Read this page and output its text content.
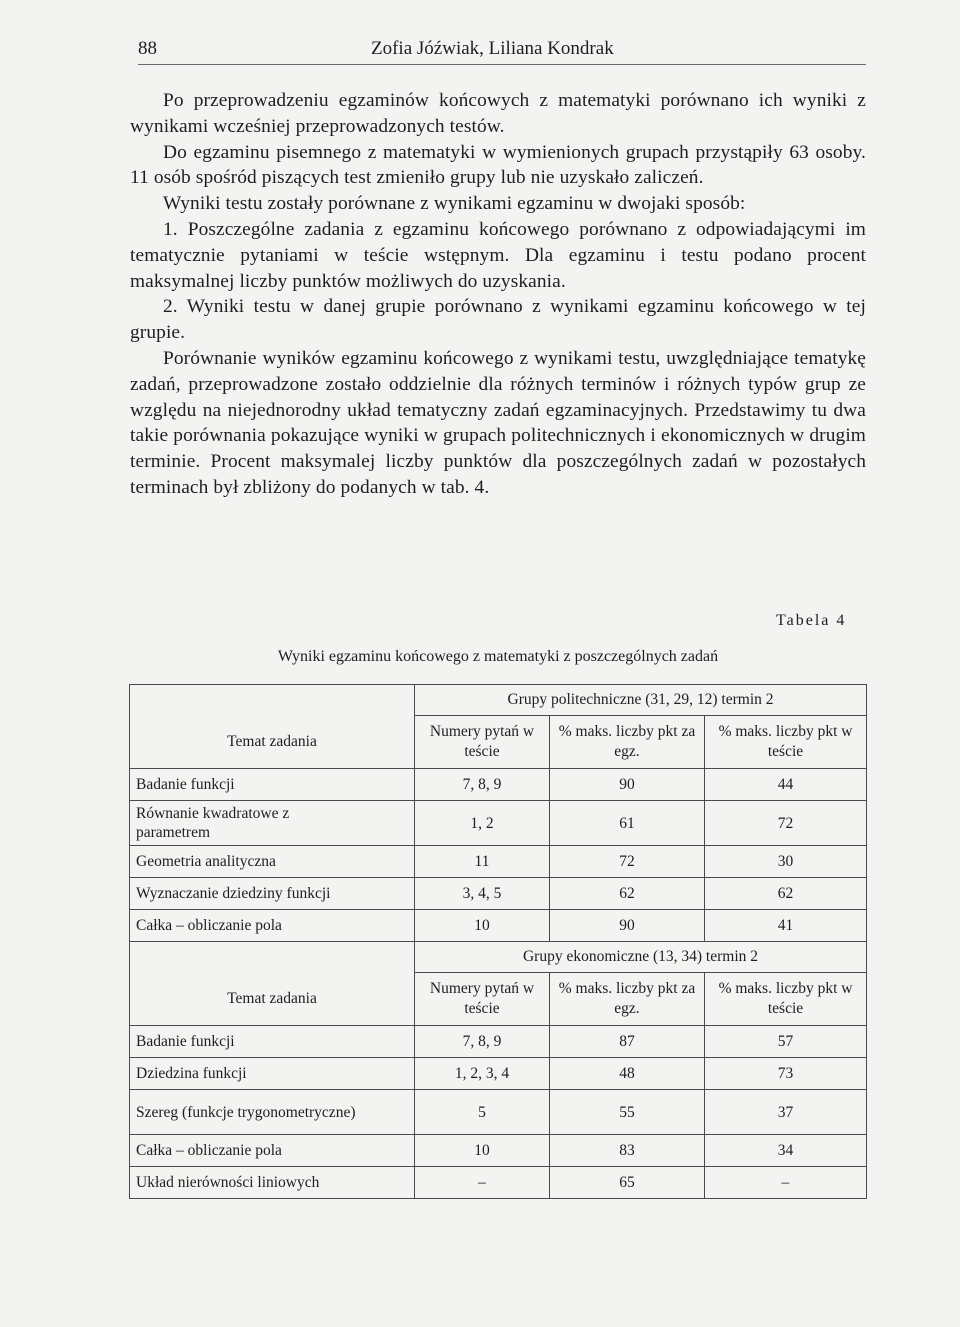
88	Zofia Jóźwiak, Liliana Kondrak

Po przeprowadzeniu egzaminów końcowych z matematyki porównano ich wyniki z wynikami wcześniej przeprowadzonych testów.

Do egzaminu pisemnego z matematyki w wymienionych grupach przystąpiły 63 osoby. 11 osób spośród piszących test zmieniło grupy lub nie uzyskało zaliczeń.

Wyniki testu zostały porównane z wynikami egzaminu w dwojaki sposób:

1. Poszczególne zadania z egzaminu końcowego porównano z odpowiadającymi im tematycznie pytaniami w teście wstępnym. Dla egzaminu i testu podano procent maksymalnej liczby punktów możliwych do uzyskania.

2. Wyniki testu w danej grupie porównano z wynikami egzaminu końcowego w tej grupie.

Porównanie wyników egzaminu końcowego z wynikami testu, uwzględniające tematykę zadań, przeprowadzone zostało oddzielnie dla różnych terminów i różnych typów grup ze względu na niejednorodny układ tematyczny zadań egzaminacyjnych. Przedstawimy tu dwa takie porównania pokazujące wyniki w grupach politechnicznych i ekonomicznych w drugim terminie. Procent maksymalej liczby punktów dla poszczególnych zadań w pozostałych terminach był zbliżony do podanych w tab. 4.

Tabela 4
Wyniki egzaminu końcowego z matematyki z poszczególnych zadań
	Grupy politechniczne (31, 29, 12) termin 2		
Temat zadania	Numery pytań w teście	% maks. liczby pkt za egz.	% maks. liczby pkt w teście
Badanie funkcji	7, 8, 9	90	44
Równanie kwadratowe z parametrem	1, 2	61	72
Geometria analityczna	11	72	30
Wyznaczanie dziedziny funkcji	3, 4, 5	62	62
Całka – obliczanie pola	10	90	41
	Grupy ekonomiczne (13, 34) termin 2		
Temat zadania	Numery pytań w teście	% maks. liczby pkt za egz.	% maks. liczby pkt w teście
Badanie funkcji	7, 8, 9	87	57
Dziedzina funkcji	1, 2, 3, 4	48	73
Szereg (funkcje trygonometryczne)	5	55	37
Całka – obliczanie pola	10	83	34
Układ nierówności liniowych	–	65	–
